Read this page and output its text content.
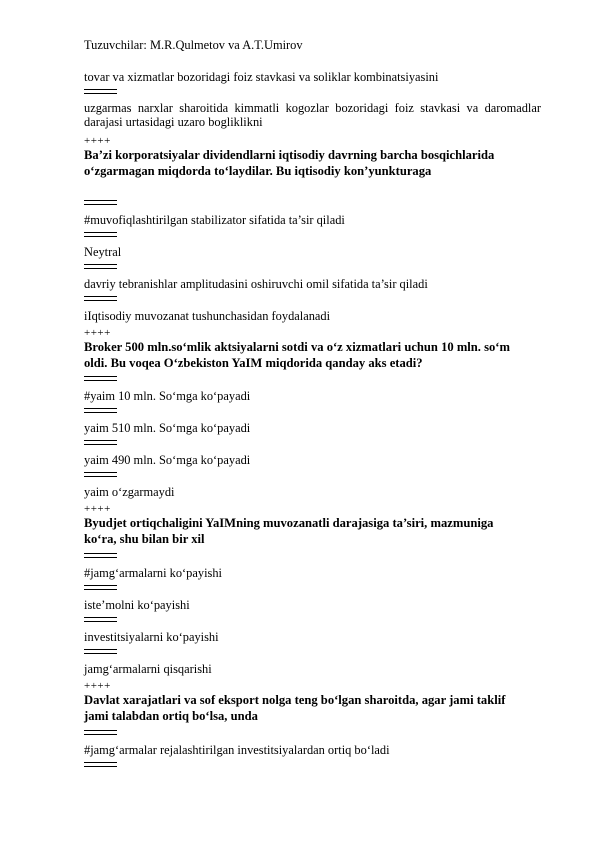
Tuzuvchilar: M.R.Qulmetov va A.T.Umirov
tovar va xizmatlar bozoridagi foiz stavkasi va soliklar kombinatsiyasini
uzgarmas narxlar sharoitida kimmatli kogozlar bozoridagi foiz stavkasi va daromadlar darajasi urtasidagi uzaro bogliklikni
++++
Ba’zi korporatsiyalar dividendlarni iqtisodiy davrning barcha bosqichlarida o‘zgarmagan miqdorda to‘laydilar. Bu iqtisodiy kon’yunkturaga
#muvofiqlashtirilgan stabilizator sifatida ta’sir qiladi
Neytral
davriy tebranishlar amplitudasini oshiruvchi omil sifatida ta’sir qiladi
iIqtisodiy muvozanat tushunchasidan foydalanadi
++++
Broker 500 mln.so‘mlik aktsiyalarni sotdi va o‘z xizmatlari uchun 10 mln. so‘m oldi. Bu voqea O‘zbekiston YaIM miqdorida qanday aks etadi?
#yaim 10 mln. So‘mga ko‘payadi
yaim 510 mln. So‘mga ko‘payadi
yaim 490 mln. So‘mga ko‘payadi
yaim o‘zgarmaydi
++++
Byudjet ortiqchaligini YaIMning muvozanatli darajasiga ta’siri, mazmuniga ko‘ra, shu bilan bir xil
#jamg‘armalarni ko‘payishi
iste’molni ko‘payishi
investitsiyalarni ko‘payishi
jamg‘armalarni qisqarishi
++++
Davlat xarajatlari va sof eksport nolga teng bo‘lgan sharoitda, agar jami taklif jami talabdan ortiq bo‘lsa, unda
#jamg‘armalar rejalashtirilgan investitsiyalardan ortiq bo‘ladi
